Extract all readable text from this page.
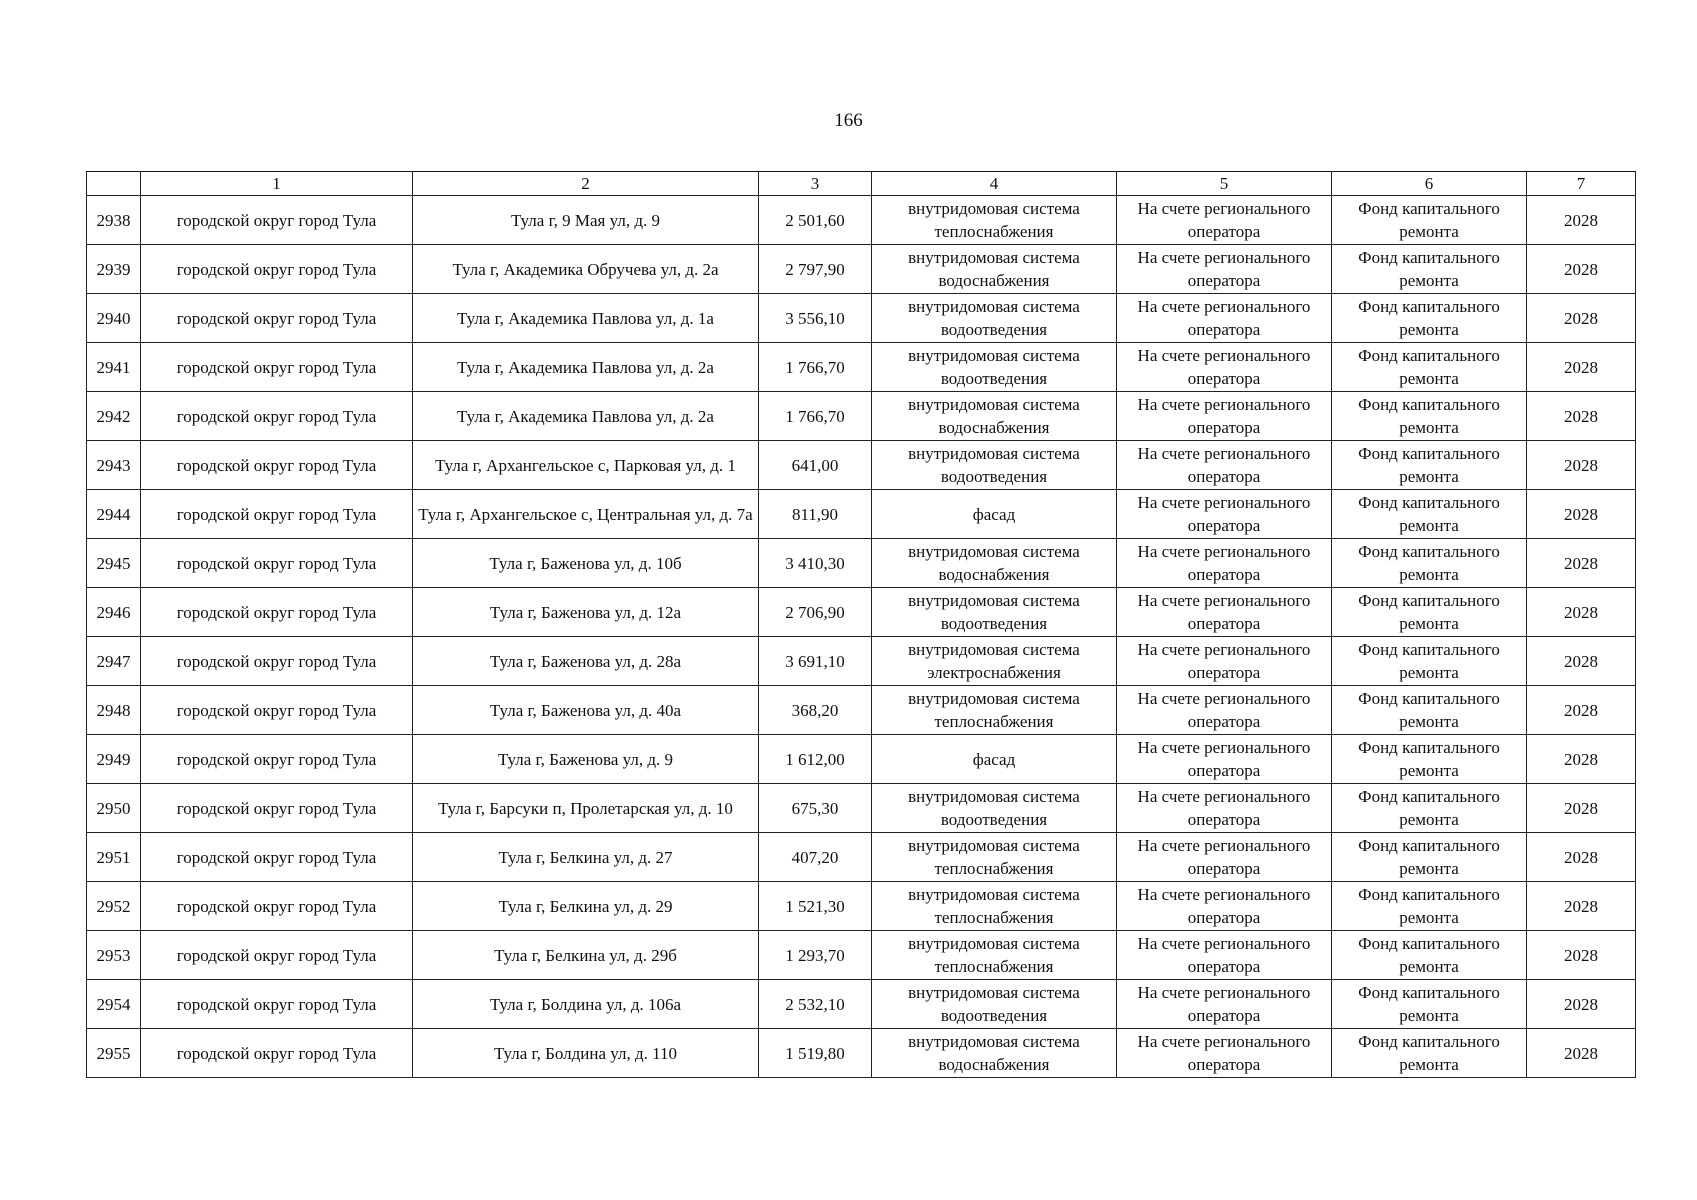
166
	1	2	3	4	5	6	7
2938	городской округ город Тула	Тула г, 9 Мая ул, д. 9	2 501,60	внутридомовая система теплоснабжения	На счете регионального оператора	Фонд капитального ремонта	2028
2939	городской округ город Тула	Тула г, Академика Обручева ул, д. 2а	2 797,90	внутридомовая система водоснабжения	На счете регионального оператора	Фонд капитального ремонта	2028
2940	городской округ город Тула	Тула г, Академика Павлова ул, д. 1а	3 556,10	внутридомовая система водоотведения	На счете регионального оператора	Фонд капитального ремонта	2028
2941	городской округ город Тула	Тула г, Академика Павлова ул, д. 2а	1 766,70	внутридомовая система водоотведения	На счете регионального оператора	Фонд капитального ремонта	2028
2942	городской округ город Тула	Тула г, Академика Павлова ул, д. 2а	1 766,70	внутридомовая система водоснабжения	На счете регионального оператора	Фонд капитального ремонта	2028
2943	городской округ город Тула	Тула г, Архангельское с, Парковая ул, д. 1	641,00	внутридомовая система водоотведения	На счете регионального оператора	Фонд капитального ремонта	2028
2944	городской округ город Тула	Тула г, Архангельское с, Центральная ул, д. 7а	811,90	фасад	На счете регионального оператора	Фонд капитального ремонта	2028
2945	городской округ город Тула	Тула г, Баженова ул, д. 10б	3 410,30	внутридомовая система водоснабжения	На счете регионального оператора	Фонд капитального ремонта	2028
2946	городской округ город Тула	Тула г, Баженова ул, д. 12а	2 706,90	внутридомовая система водоотведения	На счете регионального оператора	Фонд капитального ремонта	2028
2947	городской округ город Тула	Тула г, Баженова ул, д. 28а	3 691,10	внутридомовая система электроснабжения	На счете регионального оператора	Фонд капитального ремонта	2028
2948	городской округ город Тула	Тула г, Баженова ул, д. 40а	368,20	внутридомовая система теплоснабжения	На счете регионального оператора	Фонд капитального ремонта	2028
2949	городской округ город Тула	Тула г, Баженова ул, д. 9	1 612,00	фасад	На счете регионального оператора	Фонд капитального ремонта	2028
2950	городской округ город Тула	Тула г, Барсуки п, Пролетарская ул, д. 10	675,30	внутридомовая система водоотведения	На счете регионального оператора	Фонд капитального ремонта	2028
2951	городской округ город Тула	Тула г, Белкина ул, д. 27	407,20	внутридомовая система теплоснабжения	На счете регионального оператора	Фонд капитального ремонта	2028
2952	городской округ город Тула	Тула г, Белкина ул, д. 29	1 521,30	внутридомовая система теплоснабжения	На счете регионального оператора	Фонд капитального ремонта	2028
2953	городской округ город Тула	Тула г, Белкина ул, д. 29б	1 293,70	внутридомовая система теплоснабжения	На счете регионального оператора	Фонд капитального ремонта	2028
2954	городской округ город Тула	Тула г, Болдина ул, д. 106а	2 532,10	внутридомовая система водоотведения	На счете регионального оператора	Фонд капитального ремонта	2028
2955	городской округ город Тула	Тула г, Болдина ул, д. 110	1 519,80	внутридомовая система водоснабжения	На счете регионального оператора	Фонд капитального ремонта	2028
